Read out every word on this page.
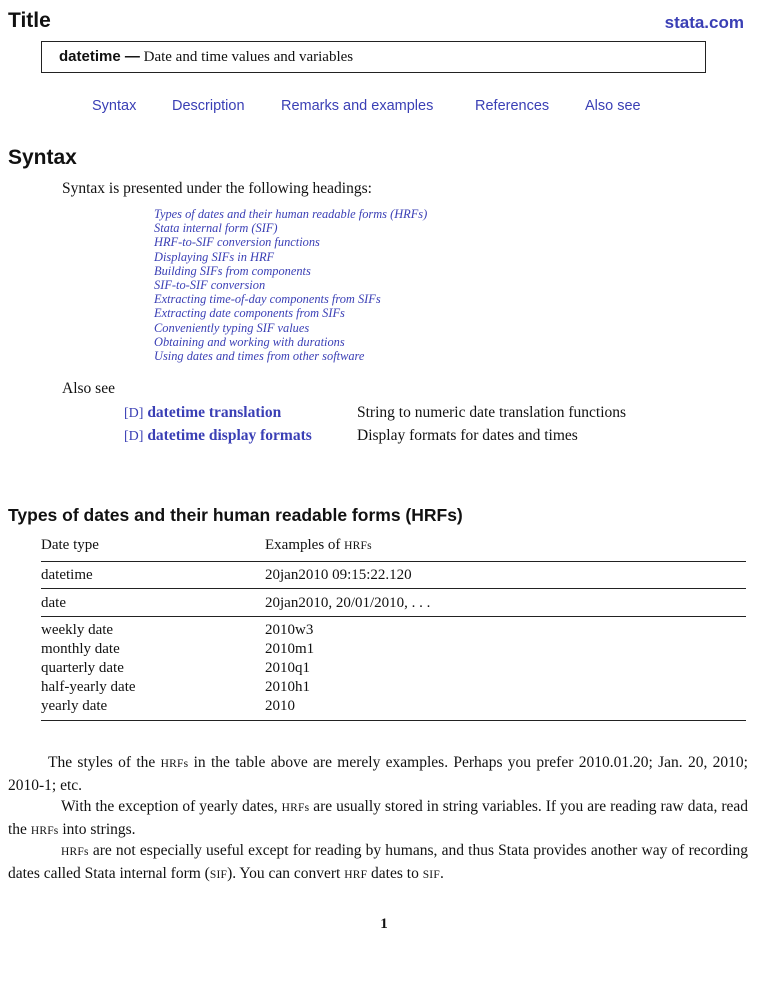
Title	stata.com
datetime — Date and time values and variables
Syntax Description	Remarks and examples	References Also see
Syntax
Syntax is presented under the following headings:
Types of dates and their human readable forms (HRFs)
Stata internal form (SIF)
HRF-to-SIF conversion functions
Displaying SIFs in HRF
Building SIFs from components
SIF-to-SIF conversion
Extracting time-of-day components from SIFs
Extracting date components from SIFs
Conveniently typing SIF values
Obtaining and working with durations
Using dates and times from other software
Also see
[D] datetime translation	String to numeric date translation functions
[D] datetime display formats	Display formats for dates and times
Types of dates and their human readable forms (HRFs)
Date type	Examples of HRFs
datetime	20jan2010 09:15:22.120
date	20jan2010, 20/01/2010, . . .
weekly date	2010w3
monthly date	2010m1
quarterly date	2010q1
half-yearly date	2010h1
yearly date	2010
The styles of the HRFs in the table above are merely examples. Perhaps you prefer 2010.01.20; Jan. 20, 2010; 2010-1; etc.
With the exception of yearly dates, HRFs are usually stored in string variables. If you are reading raw data, read the HRFs into strings.
HRFs are not especially useful except for reading by humans, and thus Stata provides another way of recording dates called Stata internal form (SIF). You can convert HRF dates to SIF.
1
